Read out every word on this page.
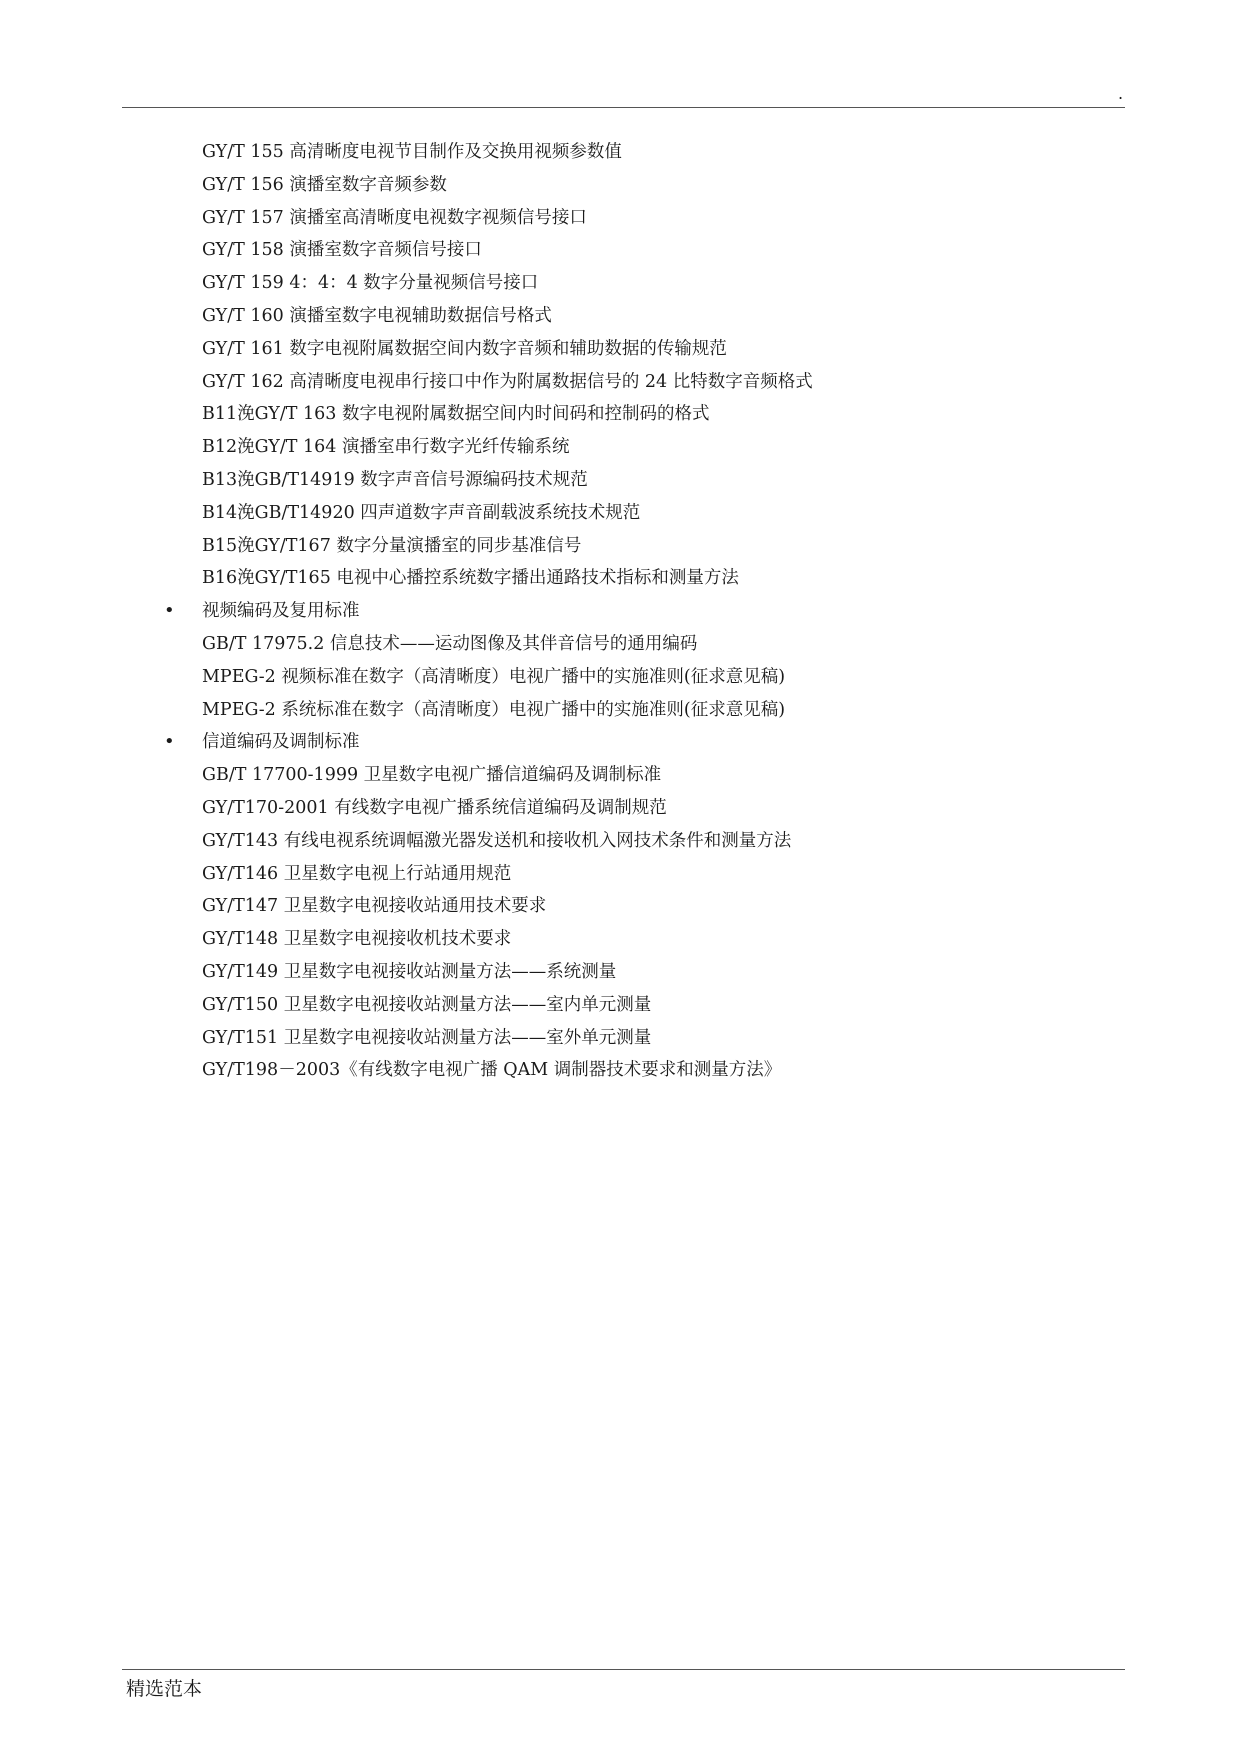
.
GY/T 155 高清晰度电视节目制作及交换用视频参数值
GY/T 156 演播室数字音频参数
GY/T 157 演播室高清晰度电视数字视频信号接口
GY/T 158 演播室数字音频信号接口
GY/T 159 4：4：4 数字分量视频信号接口
GY/T 160 演播室数字电视辅助数据信号格式
GY/T 161 数字电视附属数据空间内数字音频和辅助数据的传输规范
GY/T 162 高清晰度电视串行接口中作为附属数据信号的 24 比特数字音频格式
B11浼GY/T 163 数字电视附属数据空间内时间码和控制码的格式
B12浼GY/T 164 演播室串行数字光纤传输系统
B13浼GB/T14919 数字声音信号源编码技术规范
B14浼GB/T14920 四声道数字声音副载波系统技术规范
B15浼GY/T167 数字分量演播室的同步基准信号
B16浼GY/T165 电视中心播控系统数字播出通路技术指标和测量方法
• 视频编码及复用标准
GB/T 17975.2 信息技术——运动图像及其伴音信号的通用编码
MPEG-2 视频标准在数字（高清晰度）电视广播中的实施准则(征求意见稿)
MPEG-2 系统标准在数字（高清晰度）电视广播中的实施准则(征求意见稿)
• 信道编码及调制标准
GB/T 17700-1999 卫星数字电视广播信道编码及调制标准
GY/T170-2001 有线数字电视广播系统信道编码及调制规范
GY/T143 有线电视系统调幅激光器发送机和接收机入网技术条件和测量方法
GY/T146 卫星数字电视上行站通用规范
GY/T147 卫星数字电视接收站通用技术要求
GY/T148 卫星数字电视接收机技术要求
GY/T149 卫星数字电视接收站测量方法——系统测量
GY/T150 卫星数字电视接收站测量方法——室内单元测量
GY/T151 卫星数字电视接收站测量方法——室外单元测量
GY/T198－2003《有线数字电视广播 QAM 调制器技术要求和测量方法》
精选范本
